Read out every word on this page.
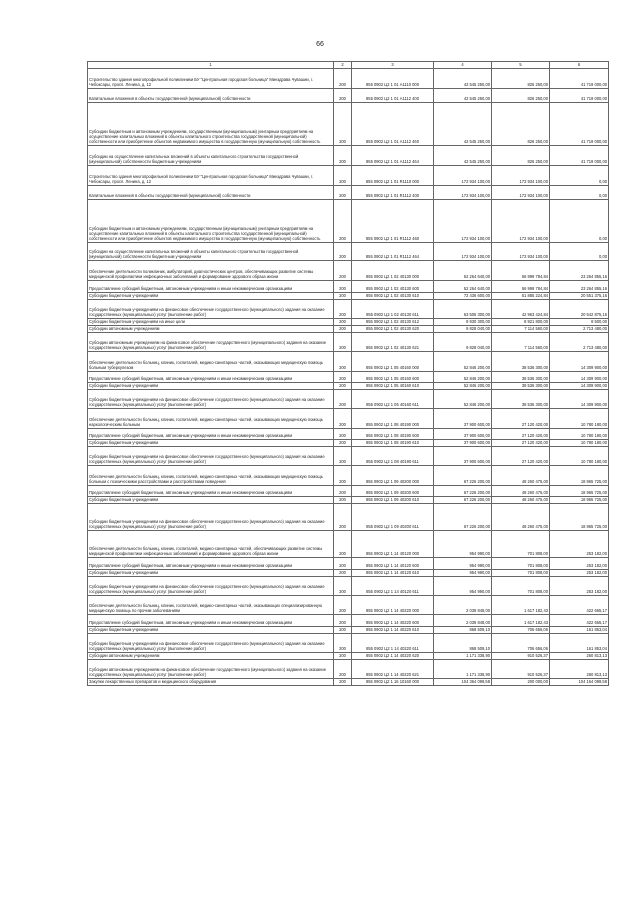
66
1	2	3	4	5	6
Строительство здания многопрофильной поликлиники БУ "Центральная городская больница" Минздрава Чувашии, г. Чебоксары, просп. Ленина, д. 12	200	855 0902 Ц2 1 01 A1110 000	42 545 250,00	826 250,00	41 719 000,00
Капитальные вложения в объекты государственной (муниципальной) собственности	200	855 0902 Ц2 1 01 A1112 400	42 545 250,00	826 250,00	41 719 000,00
Субсидии бюджетным и автономным учреждениям, государственным (муниципальным) унитарным предприятиям на осуществление капитальных вложений в объекты капитального строительства государственной (муниципальной) собственности или приобретение объектов недвижимого имущества в государственную (муниципальную) собственность	200	855 0902 Ц2 1 01 A1112 460	42 545 250,00	826 250,00	41 719 000,00
Субсидии на осуществление капитальных вложений в объекты капитального строительства государственной (муниципальной) собственности бюджетным учреждениям	200	855 0902 Ц2 1 01 A1112 464	42 545 250,00	826 250,00	41 719 000,00
Строительство здания многопрофильной поликлиники БУ "Центральная городская больница" Минздрава Чувашии, г. Чебоксары, просп. Ленина, д. 12	200	855 0902 Ц2 1 01 R1110 000	172 934 100,00	172 934 100,00	0,00
Капитальные вложения в объекты государственной (муниципальной) собственности	200	855 0902 Ц2 1 01 R1112 400	172 934 100,00	172 934 100,00	0,00
Субсидии бюджетным и автономным учреждениям, государственным (муниципальным) унитарным предприятиям на осуществление капитальных вложений в объекты капитального строительства государственной (муниципальной) собственности или приобретение объектов недвижимого имущества в государственную (муниципальную) собственность	200	855 0902 Ц2 1 01 R1112 460	172 934 100,00	172 934 100,00	0,00
Субсидии на осуществление капитальных вложений в объекты капитального строительства государственной (муниципальной) собственности бюджетным учреждениям	200	855 0902 Ц2 1 01 R1112 464	172 934 100,00	172 934 100,00	0,00
Обеспечение деятельности поликлиник, амбулаторий, диагностических центров, обеспечивающих развитие системы медицинской профилактики инфекционных заболеваний и формирование здорового образа жизни	200	855 0902 Ц2 1 02 40130 000	52 264 640,00	56 999 784,84	23 264 855,16
Предоставление субсидий бюджетным, автономным учреждениям и иным некоммерческим организациям	200	855 0902 Ц2 1 02 40130 600	52 264 640,00	56 999 784,84	23 264 855,16
Субсидии бюджетным учреждениям	200	855 0902 Ц2 1 02 40130 610	72 436 600,00	51 885 224,84	20 551 375,16
Субсидии бюджетным учреждениям на финансовое обеспечение государственного (муниципального) задания на оказание государственных (муниципальных) услуг (выполнение работ)	200	855 0902 Ц2 1 02 40130 611	63 505 300,00	42 963 424,84	20 542 875,16
Субсидии бюджетным учреждениям на иные цели	200	855 0902 Ц2 1 02 40130 612	8 930 300,00	8 921 800,00	8 500,00
Субсидии автономным учреждениям	200	855 0902 Ц2 1 02 40130 620	9 828 040,00	7 114 560,00	2 713 480,00
Субсидии автономным учреждениям на финансовое обеспечение государственного (муниципального) задания на оказание государственных (муниципальных) услуг (выполнение работ)	200	855 0902 Ц2 1 02 40130 621	9 828 040,00	7 114 560,00	2 713 480,00
Обеспечение деятельности больниц, клиник, госпиталей, медико-санитарных частей, оказывающих медицинскую помощь больным туберкулезом	200	855 0902 Ц2 1 05 40160 000	52 846 200,00	38 536 300,00	14 309 900,00
Предоставление субсидий бюджетным, автономным учреждениям и иным некоммерческим организациям	200	855 0902 Ц2 1 05 40160 600	52 846 200,00	38 536 300,00	14 309 900,00
Субсидии бюджетным учреждениям	200	855 0902 Ц2 1 05 40160 610	52 846 200,00	38 536 300,00	14 309 900,00
Субсидии бюджетным учреждениям на финансовое обеспечение государственного (муниципального) задания на оказание государственных (муниципальных) услуг (выполнение работ)	200	855 0902 Ц2 1 05 40160 611	52 846 200,00	38 536 300,00	14 309 900,00
Обеспечение деятельности больниц, клиник, госпиталей, медико-санитарных частей, оказывающих медицинскую помощь наркологическим больным	200	855 0902 Ц2 1 08 40190 000	37 900 600,00	27 120 420,00	10 780 180,00
Предоставление субсидий бюджетным, автономным учреждениям и иным некоммерческим организациям	200	855 0902 Ц2 1 08 40190 600	37 900 600,00	27 120 420,00	10 780 180,00
Субсидии бюджетным учреждениям	200	855 0902 Ц2 1 08 40190 610	37 900 600,00	27 120 420,00	10 780 180,00
Субсидии бюджетным учреждениям на финансовое обеспечение государственного (муниципального) задания на оказание государственных (муниципальных) услуг (выполнение работ)	200	855 0902 Ц2 1 08 40190 611	37 900 600,00	27 120 420,00	10 780 180,00
Обеспечение деятельности больниц, клиник, госпиталей, медико-санитарных частей, оказывающих медицинскую помощь больным с психическими расстройствами и расстройствами поведения	200	855 0902 Ц2 1 09 40200 000	67 226 200,00	48 260 475,00	18 965 725,00
Предоставление субсидий бюджетным, автономным учреждениям и иным некоммерческим организациям	200	855 0902 Ц2 1 09 40200 600	67 226 200,00	48 260 475,00	18 965 725,00
Субсидии бюджетным учреждениям	200	855 0902 Ц2 1 09 40200 610	67 226 200,00	48 260 475,00	18 965 725,00
Субсидии бюджетным учреждениям на финансовое обеспечение государственного (муниципального) задания на оказание государственных (муниципальных) услуг (выполнение работ)	200	855 0902 Ц2 1 09 40200 611	67 226 200,00	48 260 475,00	18 965 725,00
Обеспечение деятельности больниц, клиник, госпиталей, медико-санитарных частей, обеспечивающих развитие системы медицинской профилактики инфекционных заболеваний и формирование здорового образа жизни	200	855 0902 Ц2 1 14 40120 000	954 990,00	701 808,00	253 182,00
Предоставление субсидий бюджетным, автономным учреждениям и иным некоммерческим организациям	200	855 0902 Ц2 1 14 40120 600	954 990,00	701 808,00	253 182,00
Субсидии бюджетным учреждениям	200	855 0902 Ц2 1 14 40120 610	954 990,00	701 808,00	253 182,00
Субсидии бюджетным учреждениям на финансовое обеспечение государственного (муниципального) задания на оказание государственных (муниципальных) услуг (выполнение работ)	200	855 0902 Ц2 1 14 40120 611	954 990,00	701 808,00	253 182,00
Обеспечение деятельности больниц, клиник, госпиталей, медико-санитарных частей, оказывающих специализированную медицинскую помощь по прочим заболеваниям	200	855 0902 Ц2 1 14 40220 000	2 039 848,00	1 617 182,43	422 665,17
Предоставление субсидий бюджетным, автономным учреждениям и иным некоммерческим организациям	200	855 0902 Ц2 1 14 40220 600	2 039 848,00	1 617 182,43	422 665,17
Субсидии бюджетным учреждениям	200	855 0902 Ц2 1 14 40220 610	868 509,10	706 656,06	161 853,04
Субсидии бюджетным учреждениям на финансовое обеспечение государственного (муниципального) задания на оказание государственных (муниципальных) услуг (выполнение работ)	200	855 0902 Ц2 1 14 40220 611	868 509,10	706 656,06	161 853,04
Субсидии автономным учреждениям	200	855 0902 Ц2 1 14 40220 620	1 171 338,90	910 526,37	260 813,13
Субсидии автономным учреждениям на финансовое обеспечение государственного (муниципального) задания на оказание государственных (муниципальных) услуг (выполнение работ)	200	855 0902 Ц2 1 14 40220 621	1 171 338,90	910 526,37	260 813,13
Закупки лекарственных препаратов и медицинского оборудования	200	855 0902 Ц2 1 16 10160 000	104 364 099,58	200 000,00	104 164 099,58
